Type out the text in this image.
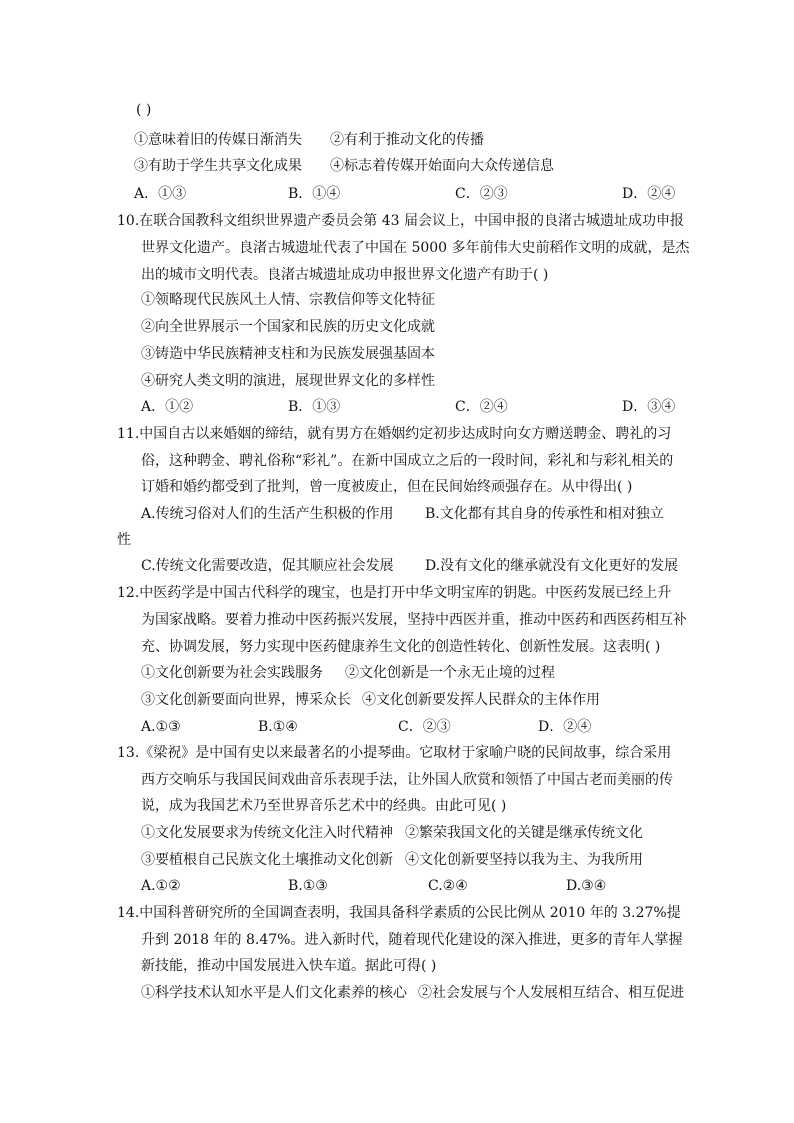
( )
①意味着旧的传媒日渐消失 ②有利于推动文化的传播
③有助于学生共享文化成果 ④标志着传媒开始面向大众传递信息
A．①③	B．①④	C．②③	D．②④
10.在联合国教科文组织世界遗产委员会第 43 届会议上，中国申报的良渚古城遗址成功申报
世界文化遗产。良渚古城遗址代表了中国在 5000 多年前伟大史前稻作文明的成就，是杰
出的城市文明代表。良渚古城遗址成功申报世界文化遗产有助于( )
①领略现代民族风土人情、宗教信仰等文化特征
②向全世界展示一个国家和民族的历史文化成就
③铸造中华民族精神支柱和为民族发展强基固本
④研究人类文明的演进，展现世界文化的多样性
A．①②	B．①③	C．②④	D．③④
11.中国自古以来婚姻的缔结，就有男方在婚姻约定初步达成时向女方赠送聘金、聘礼的习
俗，这种聘金、聘礼俗称“彩礼”。在新中国成立之后的一段时间，彩礼和与彩礼相关的
订婚和婚约都受到了批判，曾一度被废止，但在民间始终顽强存在。从中得出( )
A.传统习俗对人们的生活产生积极的作用 B.文化都有其自身的传承性和相对独立
性
C.传统文化需要改造，促其顺应社会发展 D.没有文化的继承就没有文化更好的发展
12.中医药学是中国古代科学的瑰宝，也是打开中华文明宝库的钥匙。中医药发展已经上升
为国家战略。要着力推动中医药振兴发展，坚持中西医并重，推动中医药和西医药相互补
充、协调发展，努力实现中医药健康养生文化的创造性转化、创新性发展。这表明( )
①文化创新要为社会实践服务 ②文化创新是一个永无止境的过程
③文化创新要面向世界，博采众长 ④文化创新要发挥人民群众的主体作用
A.①③	B.①④	C．②③	D．②④
13.《梁祝》是中国有史以来最著名的小提琴曲。它取材于家喻户晓的民间故事，综合采用
西方交响乐与我国民间戏曲音乐表现手法，让外国人欣赏和领悟了中国古老而美丽的传
说，成为我国艺术乃至世界音乐艺术中的经典。由此可见( )
①文化发展要求为传统文化注入时代精神 ②繁荣我国文化的关键是继承传统文化
③要植根自己民族文化土壤推动文化创新 ④文化创新要坚持以我为主、为我所用
A.①②	B.①③	C.②④	D.③④
14.中国科普研究所的全国调查表明，我国具备科学素质的公民比例从 2010 年的 3.27%提
升到 2018 年的 8.47%。进入新时代，随着现代化建设的深入推进，更多的青年人掌握
新技能，推动中国发展进入快车道。据此可得( )
①科学技术认知水平是人们文化素养的核心 ②社会发展与个人发展相互结合、相互促进
